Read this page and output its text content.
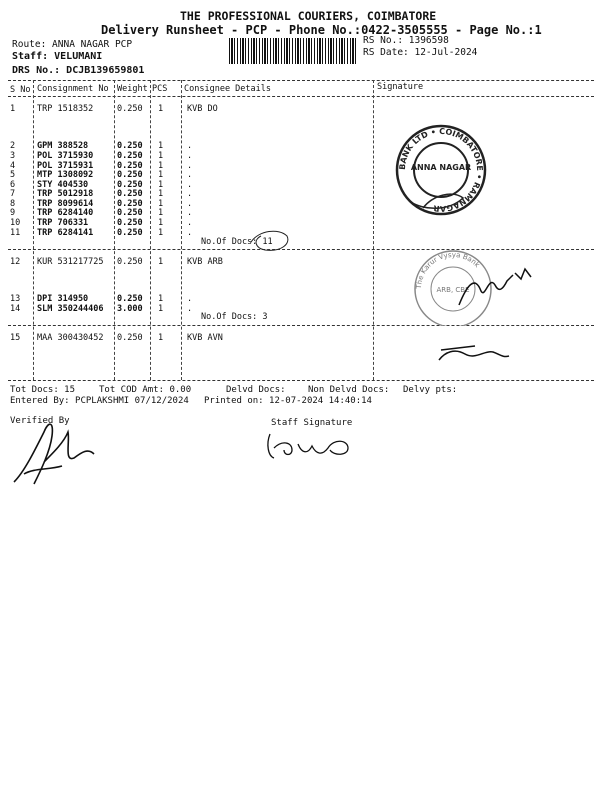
THE PROFESSIONAL COURIERS, COIMBATORE
Delivery Runsheet - PCP - Phone No.:0422-3505555 - Page No.:1
Route: ANNA NAGAR PCP
Staff: VELUMANI
DRS No.: DCJB139659801
RS No.: 1396598
RS Date: 12-Jul-2024
S No Consignment No Weight PCS Consignee Details	Signature
1	TRP 1518352	0.250 1	KVB DO
2	GPM 388528	0.250 1	.
3	POL 3715930	0.250 1	.
4	POL 3715931	0.250 1	.
5	MTP 1308092	0.250 1	.
6	STY 404530	0.250 1	.
7	TRP 5012918	0.250 1	.
8	TRP 8099614	0.250 1	.
9	TRP 6284140	0.250 1	.
10 TRP 706331	0.250 1	.
11 TRP 6284141	0.250 1	.
12 KUR 531217725 0.250 1	KVB ARB
13 DPI 314950	0.250 1	.
14 SLM 350244406 3.000 1	.
15 MAA 300430452 0.250 1	KVB AVN
No.Of Docs: 11
No.Of Docs: 3
BANK LTD • COIMBATORE • RAMNAGAR
ANNA NAGAR
The Karur Vysya Bank
ARB, CBE
Tot Docs: 15	Tot COD Amt: 0.00	Delvd Docs: Non Delvd Docs: Delvy pts:
Entered By: PCPLAKSHMI 07/12/2024 Printed on: 12-07-2024 14:40:14
Verified By	Staff Signature
